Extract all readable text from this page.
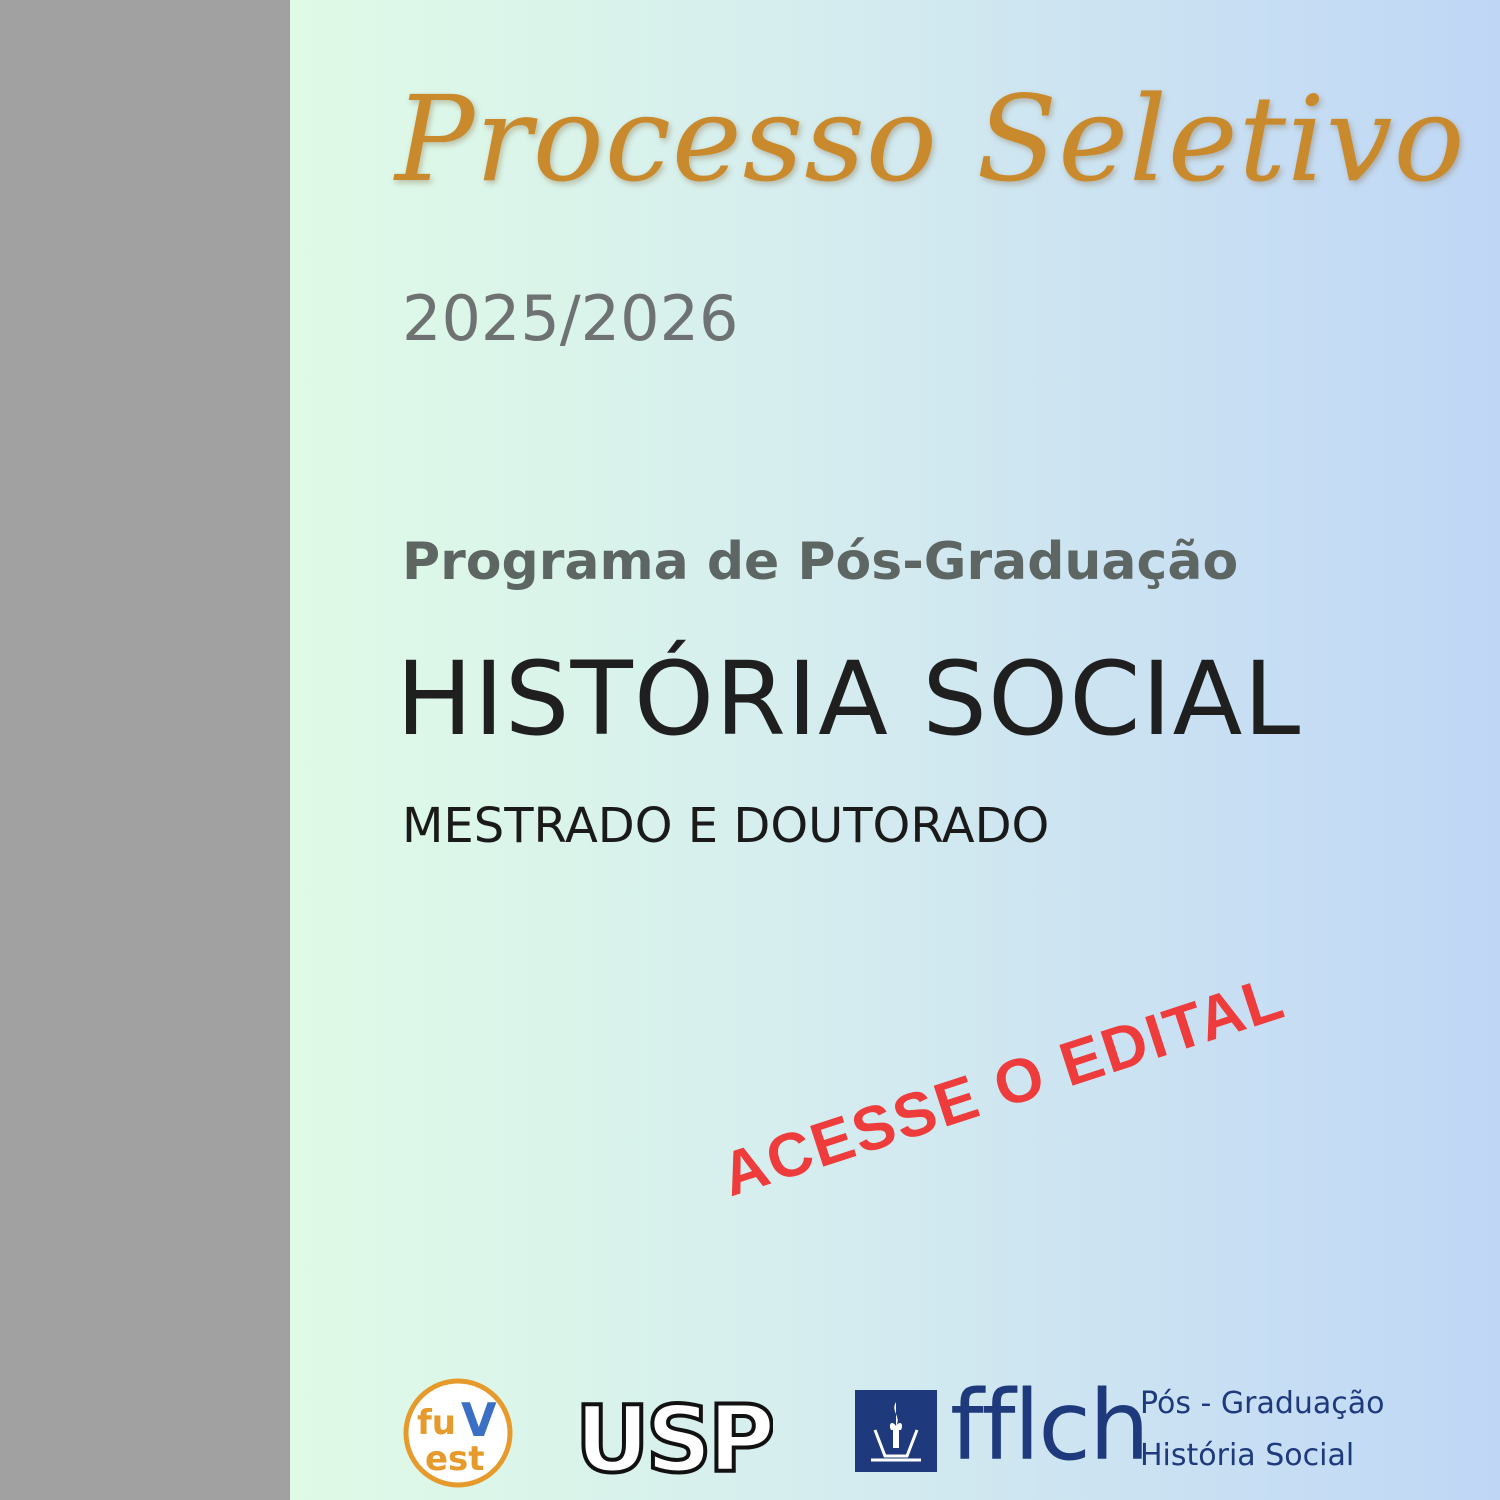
Processo Seletivo
2025/2026
Programa de Pós-Graduação
HISTÓRIA SOCIAL
MESTRADO E DOUTORADO
ACESSE O EDITAL
fu V
est USP fflch
Pós - Graduação
História Social
